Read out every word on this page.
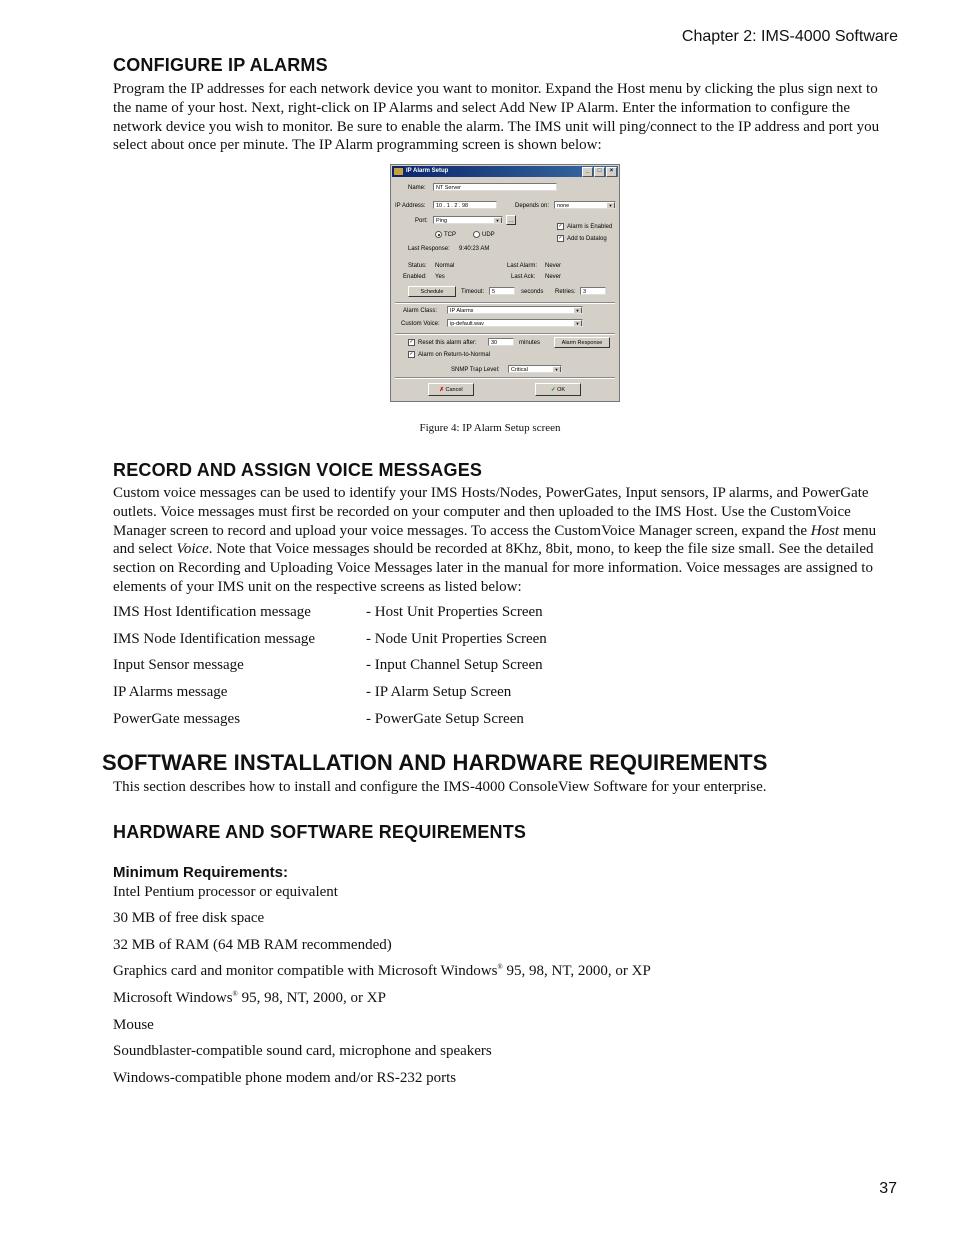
Chapter 2: IMS-4000 Software
CONFIGURE IP ALARMS
Program the IP addresses for each network device you want to monitor. Expand the Host menu by clicking the plus sign next to the name of your host. Next, right-click on IP Alarms and select Add New IP Alarm. Enter the information to configure the network device you wish to monitor. Be sure to enable the alarm. The IMS unit will ping/connect to the IP address and port you select about once per minute. The IP Alarm programming screen is shown below:
IP Alarm Setup	_ □ ×
Name:	NT Server
IP Address:	10 . 1 . 2 . 98	Depends on:	none	▼
Port:	Ping	▼	...
TCP	UDP
✓ Alarm is Enabled
✓ Add to Datalog
Last Response: 9:40:23 AM
Status: Normal	Last Alarm: Never
Enabled: Yes	Last Ack: Never
Schedule	Timeout:	5	seconds Retries:	3
Alarm Class:	IP Alarms	▼
Custom Voice:	ip-default.wav	▼
✓ Reset this alarm after:	30	minutes	Alarm Response
✓ Alarm on Return-to-Normal
SNMP Trap Level:	Critical	▼
✗ Cancel	✓ OK
Figure 4: IP Alarm Setup screen
RECORD AND ASSIGN VOICE MESSAGES
Custom voice messages can be used to identify your IMS Hosts/Nodes, PowerGates, Input sensors, IP alarms, and PowerGate outlets. Voice messages must first be recorded on your computer and then uploaded to the IMS Host. Use the CustomVoice Manager screen to record and upload your voice messages. To access the CustomVoice Manager screen, expand the Host menu and select Voice. Note that Voice messages should be recorded at 8Khz, 8bit, mono, to keep the file size small. See the detailed section on Recording and Uploading Voice Messages later in the manual for more information. Voice messages are assigned to elements of your IMS unit on the respective screens as listed below:
IMS Host Identification message	- Host Unit Properties Screen
IMS Node Identification message	- Node Unit Properties Screen
Input Sensor message	- Input Channel Setup Screen
IP Alarms message	- IP Alarm Setup Screen
PowerGate messages	- PowerGate Setup Screen
SOFTWARE INSTALLATION AND HARDWARE REQUIREMENTS
This section describes how to install and configure the IMS-4000 ConsoleView Software for your enterprise.
HARDWARE AND SOFTWARE REQUIREMENTS
Minimum Requirements:
Intel Pentium processor or equivalent
30 MB of free disk space
32 MB of RAM (64 MB RAM recommended)
Graphics card and monitor compatible with Microsoft Windows® 95, 98, NT, 2000, or XP
Microsoft Windows® 95, 98, NT, 2000, or XP
Mouse
Soundblaster-compatible sound card, microphone and speakers
Windows-compatible phone modem and/or RS-232 ports
37
